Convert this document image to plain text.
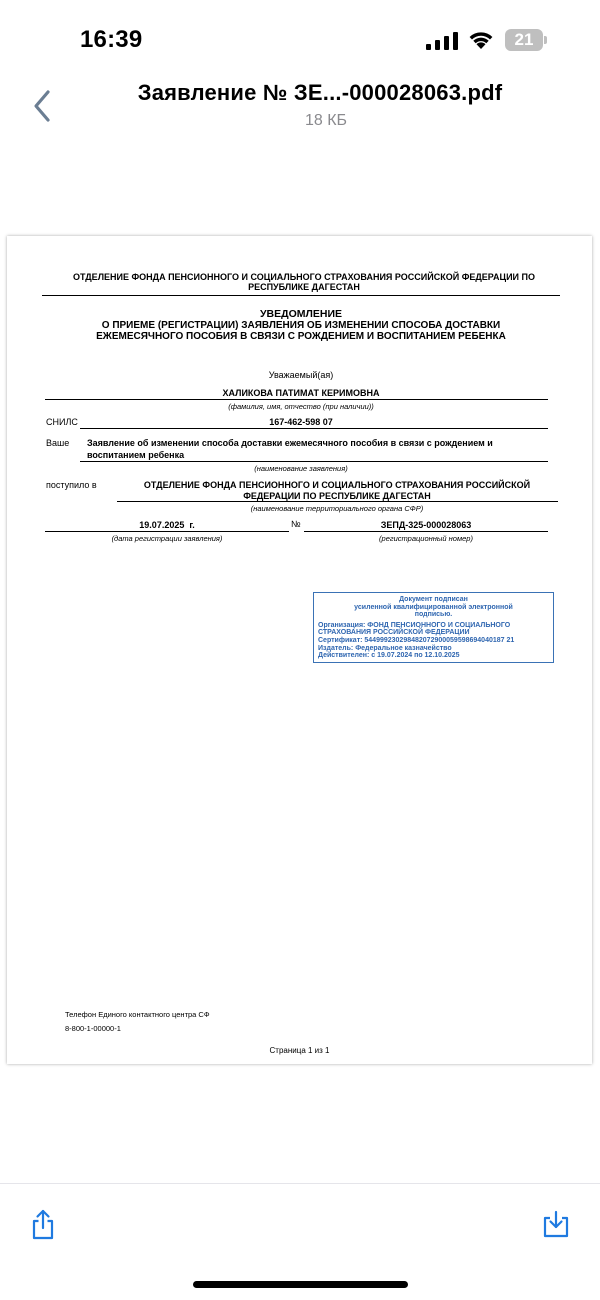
16:39	21
Заявление № ЗЕ...-000028063.pdf
18 КБ
ОТДЕЛЕНИЕ ФОНДА ПЕНСИОННОГО И СОЦИАЛЬНОГО СТРАХОВАНИЯ РОССИЙСКОЙ ФЕДЕРАЦИИ ПО РЕСПУБЛИКЕ ДАГЕСТАН
УВЕДОМЛЕНИЕ
О ПРИЕМЕ (РЕГИСТРАЦИИ) ЗАЯВЛЕНИЯ ОБ ИЗМЕНЕНИИ СПОСОБА ДОСТАВКИ
ЕЖЕМЕСЯЧНОГО ПОСОБИЯ В СВЯЗИ С РОЖДЕНИЕМ И ВОСПИТАНИЕМ РЕБЕНКА
Уважаемый(ая)
ХАЛИКОВА ПАТИМАТ КЕРИМОВНА
(фамилия, имя, отчество (при наличии))
СНИЛС	167-462-598 07
Ваше Заявление об изменении способа доставки ежемесячного пособия в связи с рождением и
воспитанием ребенка
(наименование заявления)
поступило в	ОТДЕЛЕНИЕ ФОНДА ПЕНСИОННОГО И СОЦИАЛЬНОГО СТРАХОВАНИЯ РОССИЙСКОЙ
ФЕДЕРАЦИИ ПО РЕСПУБЛИКЕ ДАГЕСТАН
(наименование территориального органа СФР)
19.07.2025  г.	№	ЗЕПД-325-000028063
(дата регистрации заявления)	(регистрационный номер)
Документ подписан
усиленной квалифицированной электронной
подписью.
Организация: ФОНД ПЕНСИОННОГО И СОЦИАЛЬНОГО
СТРАХОВАНИЯ РОССИЙСКОЙ ФЕДЕРАЦИИ
Сертификат: 544999230298482072900059598694040187 21
Издатель: Федеральное казначейство
Действителен: с 19.07.2024 по 12.10.2025
Телефон Единого контактного центра СФ
8-800-1-00000-1
Страница 1 из 1
